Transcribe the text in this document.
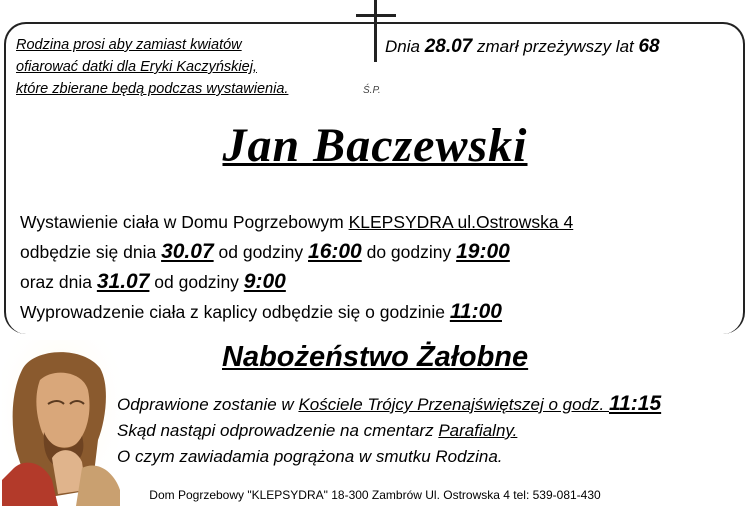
Rodzina prosi aby zamiast kwiatów
ofiarować datki dla Eryki Kaczyńskiej,
które zbierane będą podczas wystawienia.
Dnia 28.07 zmarł przeżywszy lat 68
Ś.P.
Jan Baczewski
Wystawienie ciała w Domu Pogrzebowym KLEPSYDRA ul.Ostrowska 4
odbędzie się dnia 30.07 od godziny 16:00 do godziny 19:00
oraz dnia 31.07 od godziny 9:00
Wyprowadzenie ciała z kaplicy odbędzie się o godzinie 11:00
Nabożeństwo Żałobne
Odprawione zostanie w Kościele Trójcy Przenajświętszej o godz. 11:15
Skąd nastąpi odprowadzenie na cmentarz Parafialny.
O czym zawiadamia pogrążona w smutku Rodzina.
Dom Pogrzebowy "KLEPSYDRA" 18-300 Zambrów Ul. Ostrowska 4 tel: 539-081-430
